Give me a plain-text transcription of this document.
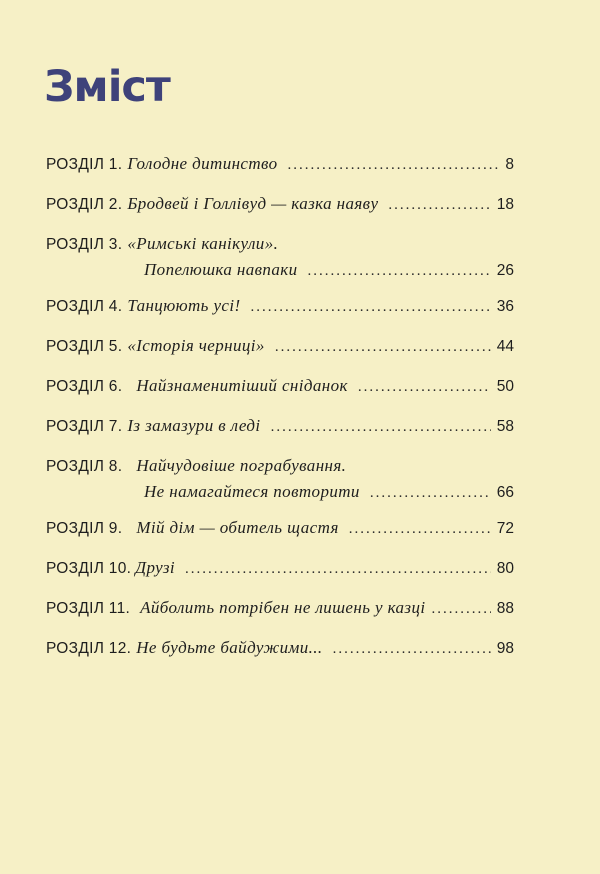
Зміст
РОЗДІЛ 1. Голодне дитинство .....	8
РОЗДІЛ 2. Бродвей і Голлівуд — казка наяву .....	18
РОЗДІЛ 3. «Римські канікули».
Попелюшка навпаки .....	26
РОЗДІЛ 4. Танцюють усі! .....	36
РОЗДІЛ 5. «Історія черниці» .....	44
РОЗДІЛ 6. Найзнаменитіший сніданок .....	50
РОЗДІЛ 7. Із замазури в леді .....	58
РОЗДІЛ 8. Найчудовіше пограбування.
Не намагайтеся повторити .....	66
РОЗДІЛ 9. Мій дім — обитель щастя .....	72
РОЗДІЛ 10. Друзі .....	80
РОЗДІЛ 11. Айболить потрібен не лишень у казці .....	88
РОЗДІЛ 12. Не будьте байдужими... .....	98
